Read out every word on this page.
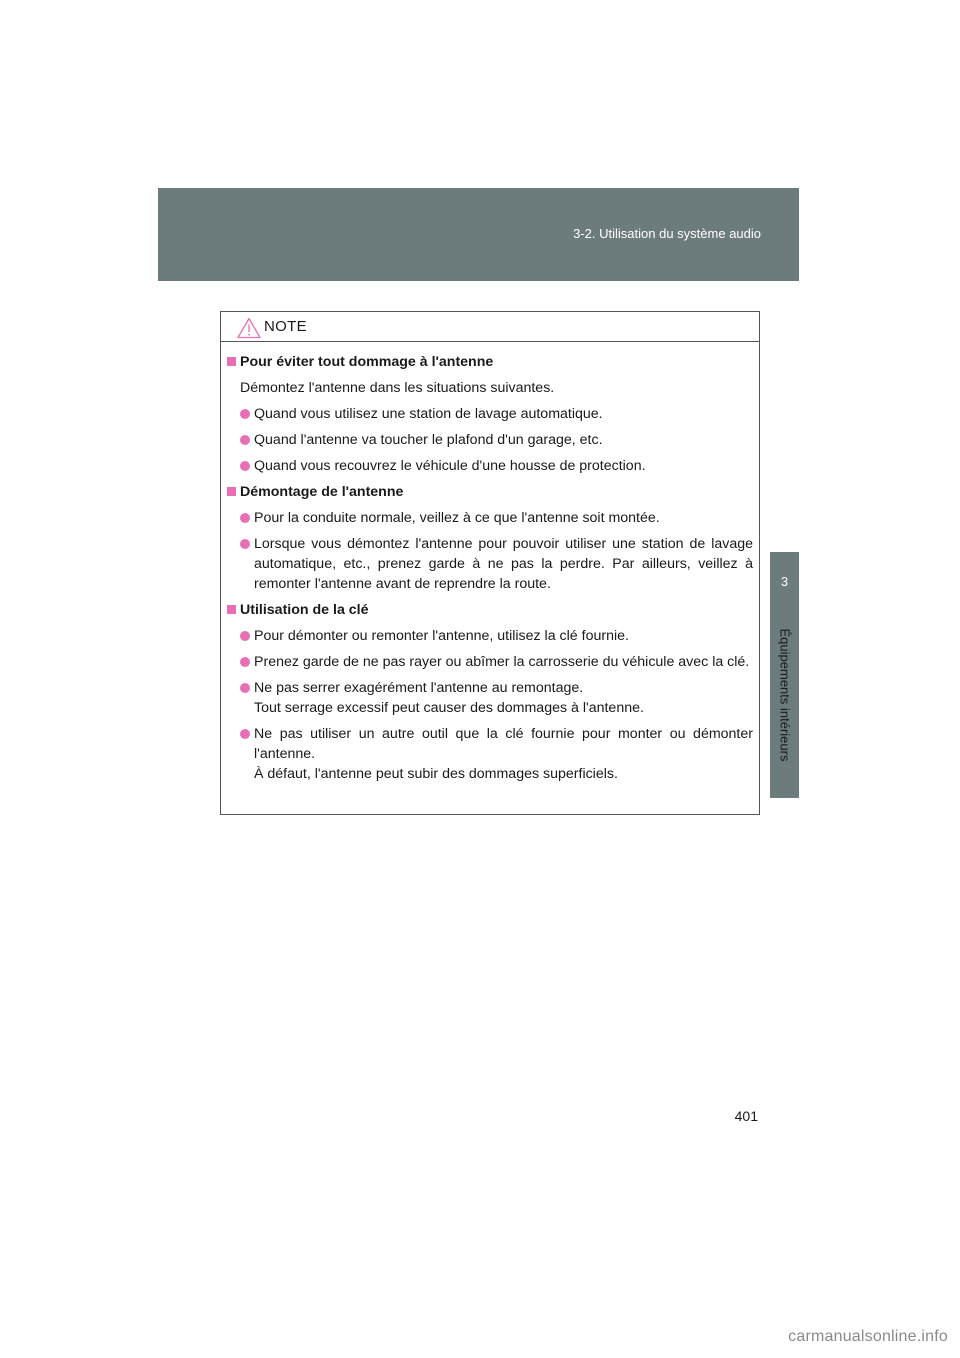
3-2. Utilisation du système audio
3
Équipements intérieurs
NOTE
Pour éviter tout dommage à l'antenne
Démontez l'antenne dans les situations suivantes.
Quand vous utilisez une station de lavage automatique.
Quand l'antenne va toucher le plafond d'un garage, etc.
Quand vous recouvrez le véhicule d'une housse de protection.
Démontage de l'antenne
Pour la conduite normale, veillez à ce que l'antenne soit montée.
Lorsque vous démontez l'antenne pour pouvoir utiliser une station de lavage automatique, etc., prenez garde à ne pas la perdre. Par ailleurs, veillez à remonter l'antenne avant de reprendre la route.
Utilisation de la clé
Pour démonter ou remonter l'antenne, utilisez la clé fournie.
Prenez garde de ne pas rayer ou abîmer la carrosserie du véhicule avec la clé.
Ne pas serrer exagérément l'antenne au remontage.
Tout serrage excessif peut causer des dommages à l'antenne.
Ne pas utiliser un autre outil que la clé fournie pour monter ou démonter l'antenne.
À défaut, l'antenne peut subir des dommages superficiels.
401
carmanualsonline.info
